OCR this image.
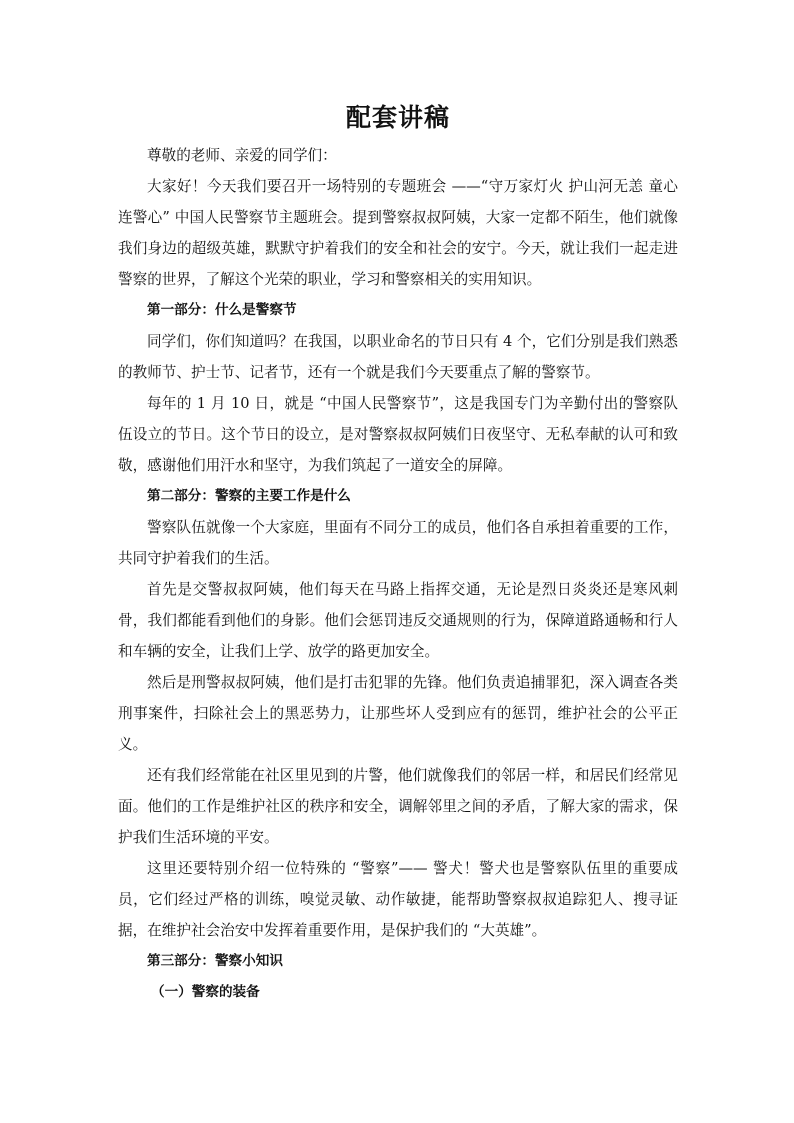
配套讲稿

尊敬的老师、亲爱的同学们：

大家好！今天我们要召开一场特别的专题班会 ——“守万家灯火 护山河无恙 童心连警心” 中国人民警察节主题班会。提到警察叔叔阿姨，大家一定都不陌生，他们就像我们身边的超级英雄，默默守护着我们的安全和社会的安宁。今天，就让我们一起走进警察的世界，了解这个光荣的职业，学习和警察相关的实用知识。

第一部分：什么是警察节

同学们，你们知道吗？在我国，以职业命名的节日只有 4 个，它们分别是我们熟悉的教师节、护士节、记者节，还有一个就是我们今天要重点了解的警察节。

每年的 1 月 10 日，就是 “中国人民警察节”，这是我国专门为辛勤付出的警察队伍设立的节日。这个节日的设立，是对警察叔叔阿姨们日夜坚守、无私奉献的认可和致敬，感谢他们用汗水和坚守，为我们筑起了一道安全的屏障。

第二部分：警察的主要工作是什么

警察队伍就像一个大家庭，里面有不同分工的成员，他们各自承担着重要的工作，共同守护着我们的生活。

首先是交警叔叔阿姨，他们每天在马路上指挥交通，无论是烈日炎炎还是寒风刺骨，我们都能看到他们的身影。他们会惩罚违反交通规则的行为，保障道路通畅和行人和车辆的安全，让我们上学、放学的路更加安全。

然后是刑警叔叔阿姨，他们是打击犯罪的先锋。他们负责追捕罪犯，深入调查各类刑事案件，扫除社会上的黑恶势力，让那些坏人受到应有的惩罚，维护社会的公平正义。

还有我们经常能在社区里见到的片警，他们就像我们的邻居一样，和居民们经常见面。他们的工作是维护社区的秩序和安全，调解邻里之间的矛盾，了解大家的需求，保护我们生活环境的平安。

这里还要特别介绍一位特殊的 “警察”—— 警犬！警犬也是警察队伍里的重要成员，它们经过严格的训练，嗅觉灵敏、动作敏捷，能帮助警察叔叔追踪犯人、搜寻证据，在维护社会治安中发挥着重要作用，是保护我们的 “大英雄”。

第三部分：警察小知识

（一）警察的装备
